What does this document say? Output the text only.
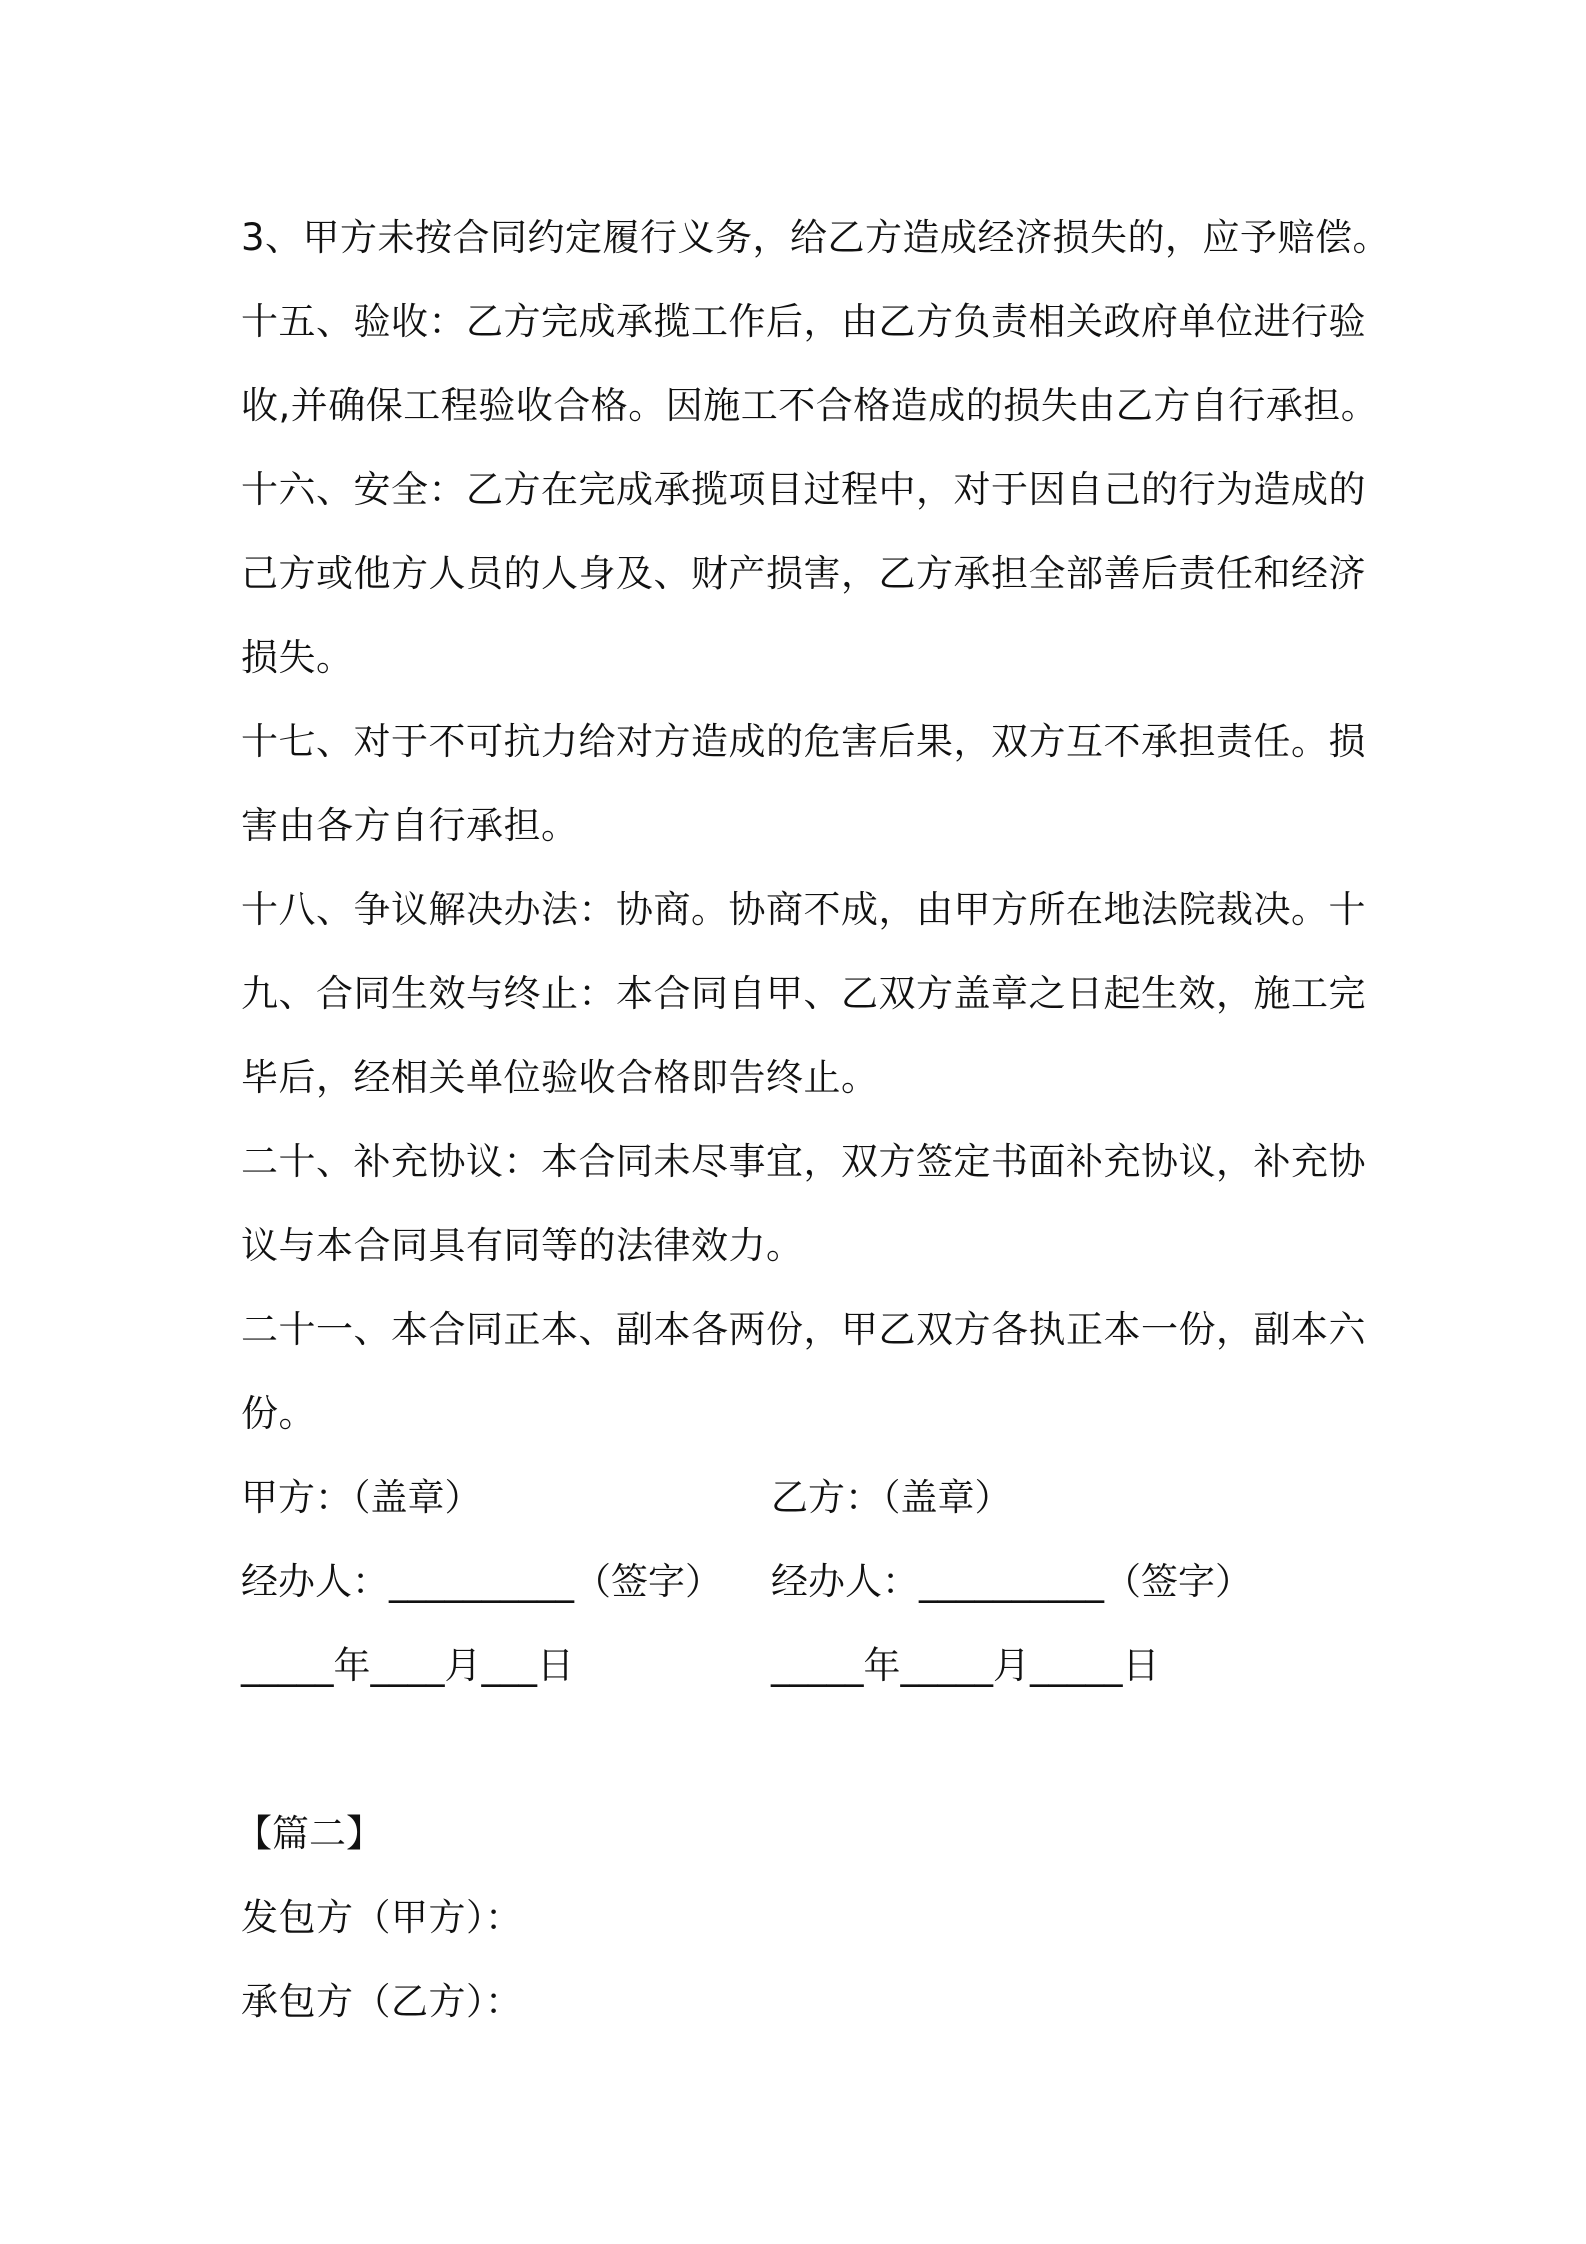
3、甲方未按合同约定履行义务，给乙方造成经济损失的，应予赔偿。
十五、验收：乙方完成承揽工作后，由乙方负责相关政府单位进行验
收,并确保工程验收合格。因施工不合格造成的损失由乙方自行承担。
十六、安全：乙方在完成承揽项目过程中，对于因自己的行为造成的
己方或他方人员的人身及、财产损害，乙方承担全部善后责任和经济
损失。
十七、对于不可抗力给对方造成的危害后果，双方互不承担责任。损
害由各方自行承担。
十八、争议解决办法：协商。协商不成，由甲方所在地法院裁决。十
九、合同生效与终止：本合同自甲、乙双方盖章之日起生效，施工完
毕后，经相关单位验收合格即告终止。
二十、补充协议：本合同未尽事宜，双方签定书面补充协议，补充协
议与本合同具有同等的法律效力。
二十一、本合同正本、副本各两份，甲乙双方各执正本一份，副本六
份。
甲方：（盖章）	乙方：（盖章）
经办人：__________（签字） 经办人：__________（签字）
_____年____月___日	_____年_____月_____日
【篇二】
发包方（甲方）：
承包方（乙方）：
